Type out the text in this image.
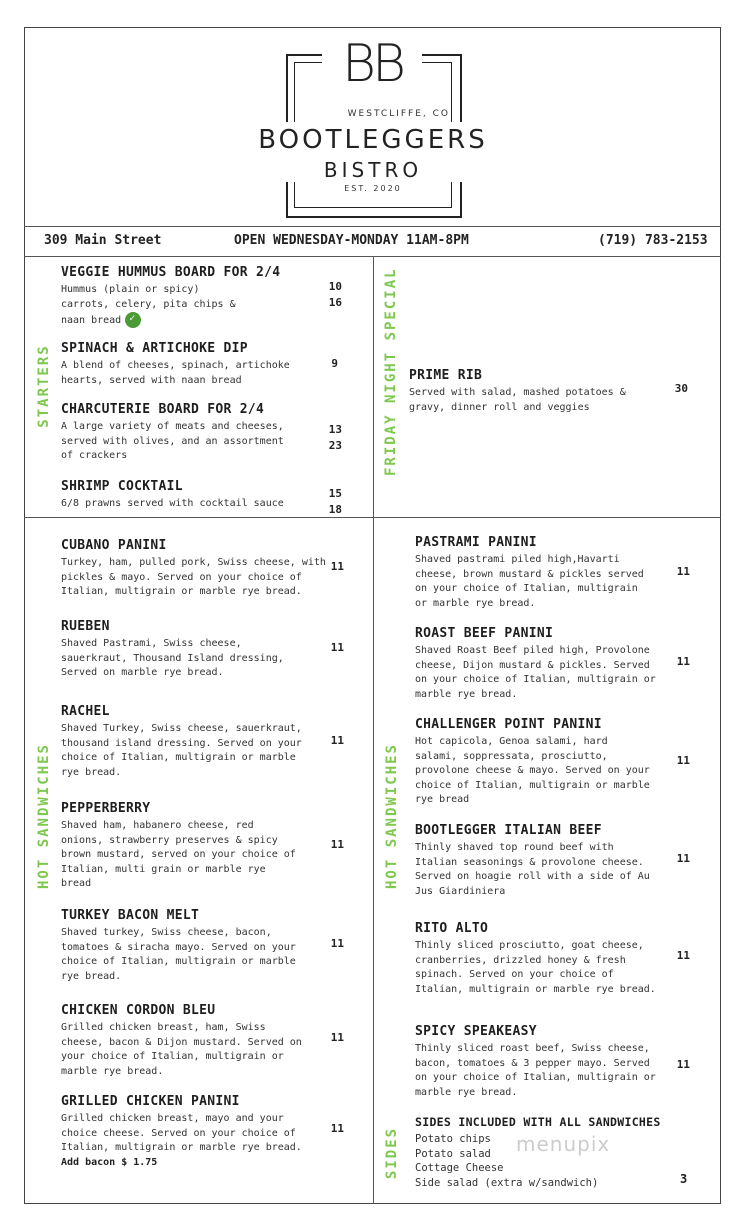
BB
WESTCLIFFE, CO
BOOTLEGGERS
BISTRO
EST. 2020
309 Main Street	OPEN WEDNESDAY-MONDAY 11AM-8PM	(719) 783-2153
STARTERS	FRIDAY NIGHT SPECIAL
HOT SANDWICHES	HOT SANDWICHES
SIDES
VEGGIE HUMMUS BOARD FOR 2/4
Hummus (plain or spicy)
carrots, celery, pita chips &
naan bread✓
10
16
SPINACH & ARTICHOKE DIP
A blend of cheeses, spinach, artichoke
hearts, served with naan bread
9
CHARCUTERIE BOARD FOR 2/4
A large variety of meats and cheeses,
served with olives, and an assortment
of crackers
13
23
SHRIMP COCKTAIL
6/8 prawns served with cocktail sauce
15
18
PRIME RIB
Served with salad, mashed potatoes &
gravy, dinner roll and veggies
30
CUBANO PANINI
Turkey, ham, pulled pork, Swiss cheese, with
pickles & mayo. Served on your choice of
Italian, multigrain or marble rye bread.
11
RUEBEN
Shaved Pastrami, Swiss cheese,
sauerkraut, Thousand Island dressing,
Served on marble rye bread.
11
RACHEL
Shaved Turkey, Swiss cheese, sauerkraut,
thousand island dressing. Served on your
choice of Italian, multigrain or marble
rye bread.
11
PEPPERBERRY
Shaved ham, habanero cheese, red
onions, strawberry preserves & spicy
brown mustard, served on your choice of
Italian, multi grain or marble rye
bread
11
TURKEY BACON MELT
Shaved turkey, Swiss cheese, bacon,
tomatoes & siracha mayo. Served on your
choice of Italian, multigrain or marble
rye bread.
11
CHICKEN CORDON BLEU
Grilled chicken breast, ham, Swiss
cheese, bacon & Dijon mustard. Served on
your choice of Italian, multigrain or
marble rye bread.
11
GRILLED CHICKEN PANINI
Grilled chicken breast, mayo and your
choice cheese. Served on your choice of
Italian, multigrain or marble rye bread.
Add bacon $ 1.75
11
PASTRAMI PANINI
Shaved pastrami piled high,Havarti
cheese, brown mustard & pickles served
on your choice of Italian, multigrain
or marble rye bread.
11
ROAST BEEF PANINI
Shaved Roast Beef piled high, Provolone
cheese, Dijon mustard & pickles. Served
on your choice of Italian, multigrain or
marble rye bread.
11
CHALLENGER POINT PANINI
Hot capicola, Genoa salami, hard
salami, soppressata, prosciutto,
provolone cheese & mayo. Served on your
choice of Italian, multigrain or marble
rye bread
11
BOOTLEGGER ITALIAN BEEF
Thinly shaved top round beef with
Italian seasonings & provolone cheese.
Served on hoagie roll with a side of Au
Jus Giardiniera
11
RITO ALTO
Thinly sliced prosciutto, goat cheese,
cranberries, drizzled honey & fresh
spinach. Served on your choice of
Italian, multigrain or marble rye bread.
11
SPICY SPEAKEASY
Thinly sliced roast beef, Swiss cheese,
bacon, tomatoes & 3 pepper mayo. Served
on your choice of Italian, multigrain or
marble rye bread.
11
SIDES INCLUDED WITH ALL SANDWICHES
Potato chips
Potato salad
Cottage Cheese
Side salad (extra w/sandwich)	3
menupix
